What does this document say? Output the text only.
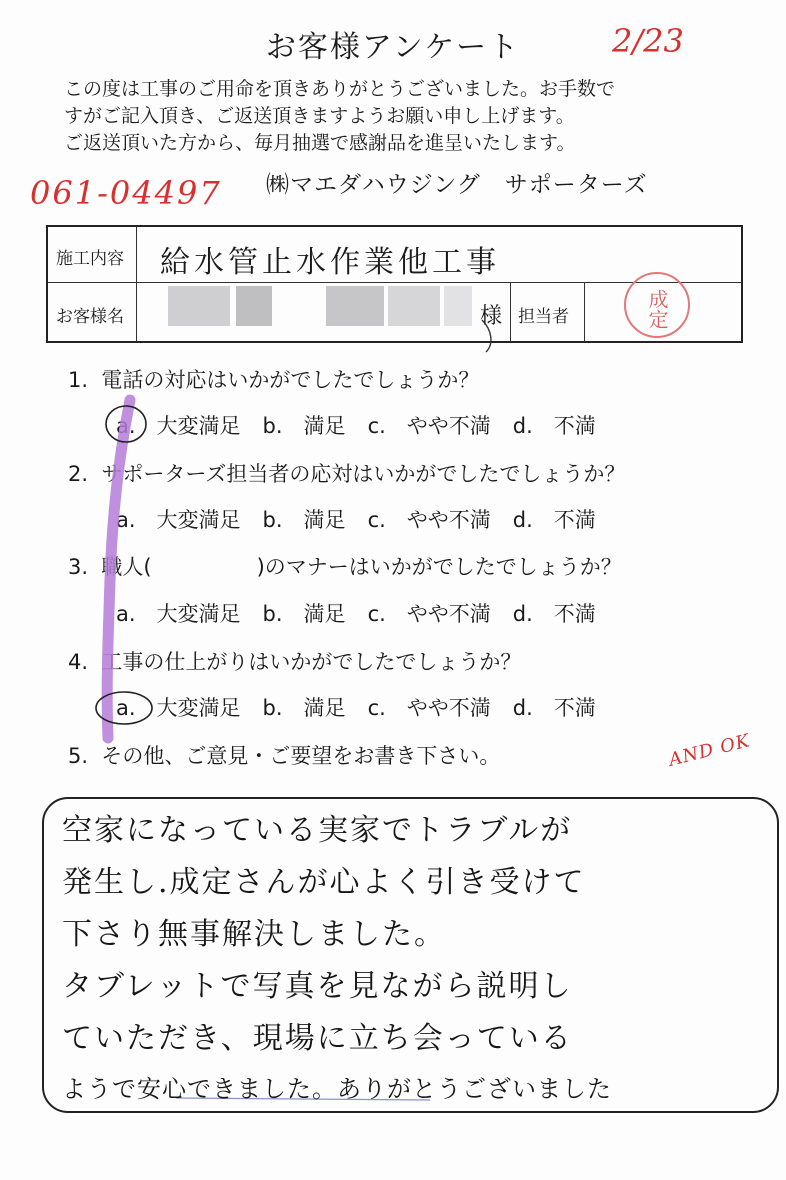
お客様アンケート	2/23
この度は工事のご用命を頂きありがとうございました。お手数で
すがご記入頂き、ご返送頂きますようお願い申し上げます。
ご返送頂いた方から、毎月抽選で感謝品を進呈いたします。
061-04497 ㈱マエダハウジング　サポーターズ
施工内容 給水管止水作業他工事
お客様名	様 担当者	成定
1. 電話の対応はいかがでしたでしょうか？
a.　大変満足 b.　満足 c.　やや不満 d.　不満
2. サポーターズ担当者の応対はいかがでしたでしょうか？
a.　大変満足 b.　満足 c.　やや不満 d.　不満
3. 職人(　　　　　)のマナーはいかがでしたでしょうか？
a.　大変満足 b.　満足 c.　やや不満 d.　不満
4. 工事の仕上がりはいかがでしたでしょうか？
a.　大変満足 b.　満足 c.　やや不満 d.　不満
5. その他、ご意見・ご要望をお書き下さい。	AND OK
空家になっている実家でトラブルが
発生し.成定さんが心よく引き受けて
下さり無事解決しました。
タブレットで写真を見ながら説明し
ていただき、現場に立ち会っている
ようで安心できました。ありがとうございました
